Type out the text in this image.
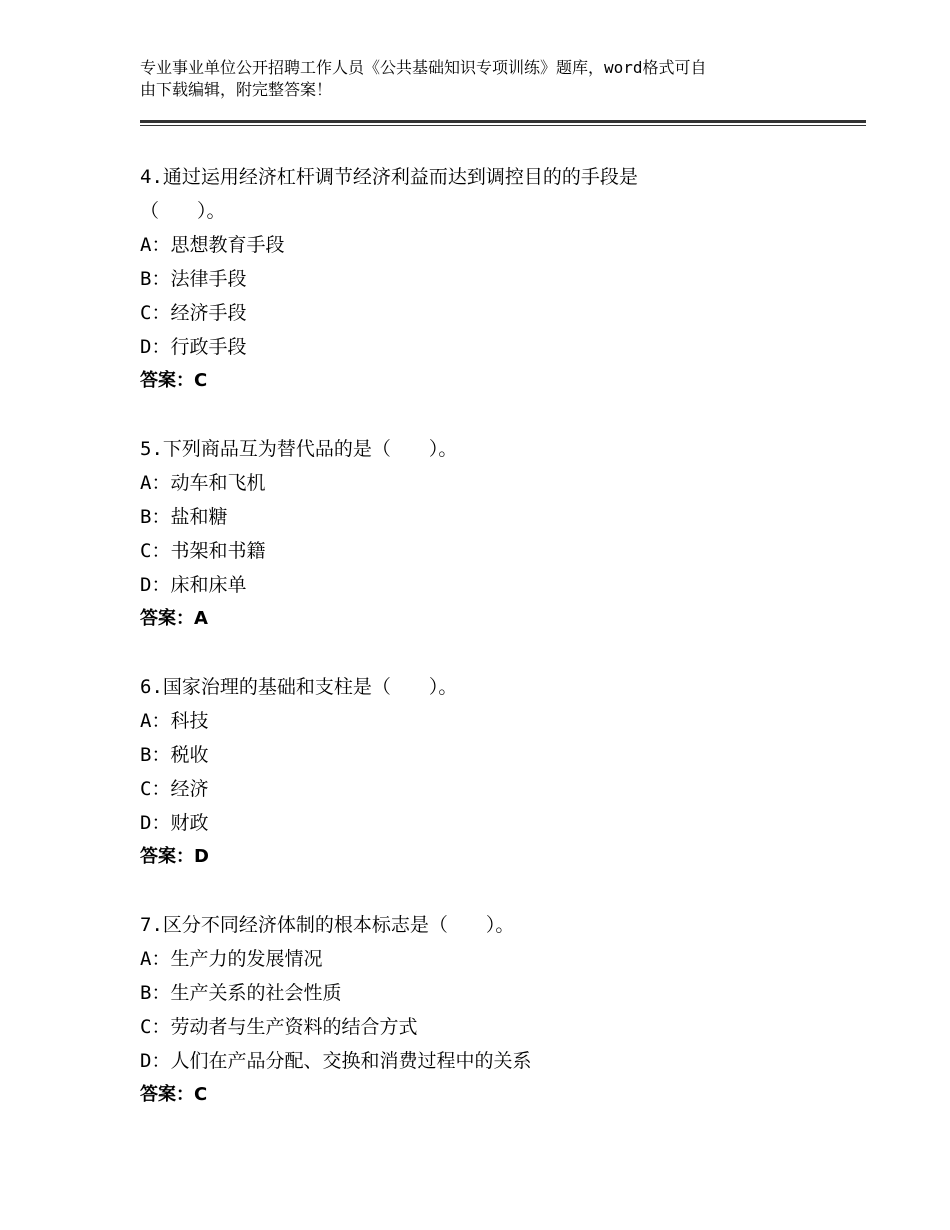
专业事业单位公开招聘工作人员《公共基础知识专项训练》题库，word格式可自
由下载编辑，附完整答案！
4.通过运用经济杠杆调节经济利益而达到调控目的的手段是
（　　）。
A：思想教育手段
B：法律手段
C：经济手段
D：行政手段
答案：C
5.下列商品互为替代品的是（　　）。
A：动车和飞机
B：盐和糖
C：书架和书籍
D：床和床单
答案：A
6.国家治理的基础和支柱是（　　）。
A：科技
B：税收
C：经济
D：财政
答案：D
7.区分不同经济体制的根本标志是（　　）。
A：生产力的发展情况
B：生产关系的社会性质
C：劳动者与生产资料的结合方式
D：人们在产品分配、交换和消费过程中的关系
答案：C
